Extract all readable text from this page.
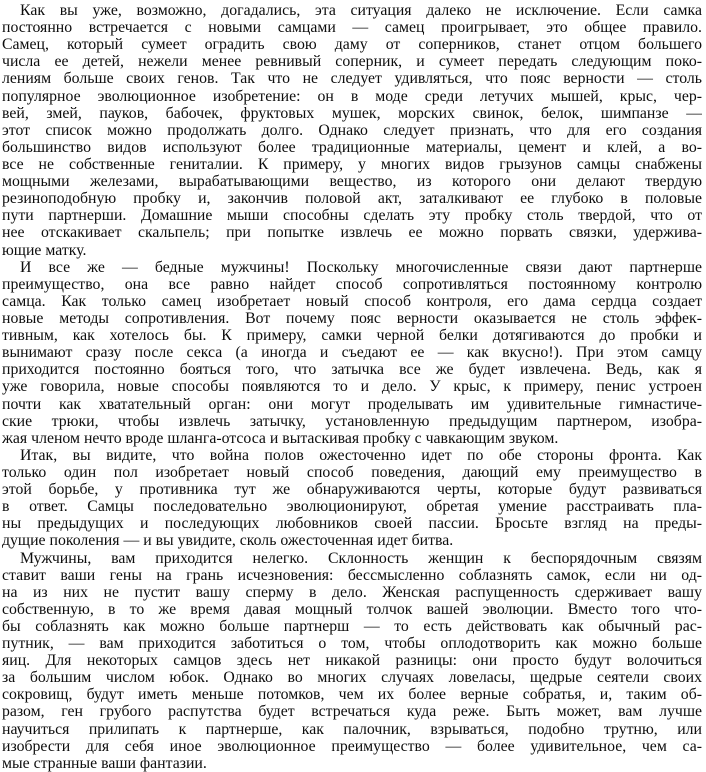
Как вы уже, возможно, догадались, эта ситуация далеко не исключение. Если самка
постоянно встречается с новыми самцами — самец проигрывает, это общее правило.
Самец, который сумеет оградить свою даму от соперников, станет отцом большего
числа ее детей, нежели менее ревнивый соперник, и сумеет передать следующим поко-
лениям больше своих генов. Так что не следует удивляться, что пояс верности — столь
популярное эволюционное изобретение: он в моде среди летучих мышей, крыс, чер-
вей, змей, пауков, бабочек, фруктовых мушек, морских свинок, белок, шимпанзе —
этот список можно продолжать долго. Однако следует признать, что для его создания
большинство видов используют более традиционные материалы, цемент и клей, а во-
все не собственные гениталии. К примеру, у многих видов грызунов самцы снабжены
мощными железами, вырабатывающими вещество, из которого они делают твердую
резиноподобную пробку и, закончив половой акт, заталкивают ее глубоко в половые
пути партнерши. Домашние мыши способны сделать эту пробку столь твердой, что от
нее отскакивает скальпель; при попытке извлечь ее можно порвать связки, удержива-
ющие матку.
И все же — бедные мужчины! Поскольку многочисленные связи дают партнерше
преимущество, она все равно найдет способ сопротивляться постоянному контролю
самца. Как только самец изобретает новый способ контроля, его дама сердца создает
новые методы сопротивления. Вот почему пояс верности оказывается не столь эффек-
тивным, как хотелось бы. К примеру, самки черной белки дотягиваются до пробки и
вынимают сразу после секса (а иногда и съедают ее — как вкусно!). При этом самцу
приходится постоянно бояться того, что затычка все же будет извлечена. Ведь, как я
уже говорила, новые способы появляются то и дело. У крыс, к примеру, пенис устроен
почти как хватательный орган: они могут проделывать им удивительные гимнастиче-
ские трюки, чтобы извлечь затычку, установленную предыдущим партнером, изобра-
жая членом нечто вроде шланга-отсоса и вытаскивая пробку с чавкающим звуком.
Итак, вы видите, что война полов ожесточенно идет по обе стороны фронта. Как
только один пол изобретает новый способ поведения, дающий ему преимущество в
этой борьбе, у противника тут же обнаруживаются черты, которые будут развиваться
в ответ. Самцы последовательно эволюционируют, обретая умение расстраивать пла-
ны предыдущих и последующих любовников своей пассии. Бросьте взгляд на преды-
дущие поколения — и вы увидите, сколь ожесточенная идет битва.
Мужчины, вам приходится нелегко. Склонность женщин к беспорядочным связям
ставит ваши гены на грань исчезновения: бессмысленно соблазнять самок, если ни од-
на из них не пустит вашу сперму в дело. Женская распущенность сдерживает вашу
собственную, в то же время давая мощный толчок вашей эволюции. Вместо того что-
бы соблазнять как можно больше партнерш — то есть действовать как обычный рас-
путник, — вам приходится заботиться о том, чтобы оплодотворить как можно больше
яиц. Для некоторых самцов здесь нет никакой разницы: они просто будут волочиться
за большим числом юбок. Однако во многих случаях ловеласы, щедрые сеятели своих
сокровищ, будут иметь меньше потомков, чем их более верные собратья, и, таким об-
разом, ген грубого распутства будет встречаться куда реже. Быть может, вам лучше
научиться прилипать к партнерше, как палочник, взрываться, подобно трутню, или
изобрести для себя иное эволюционное преимущество — более удивительное, чем са-
мые странные ваши фантазии.
